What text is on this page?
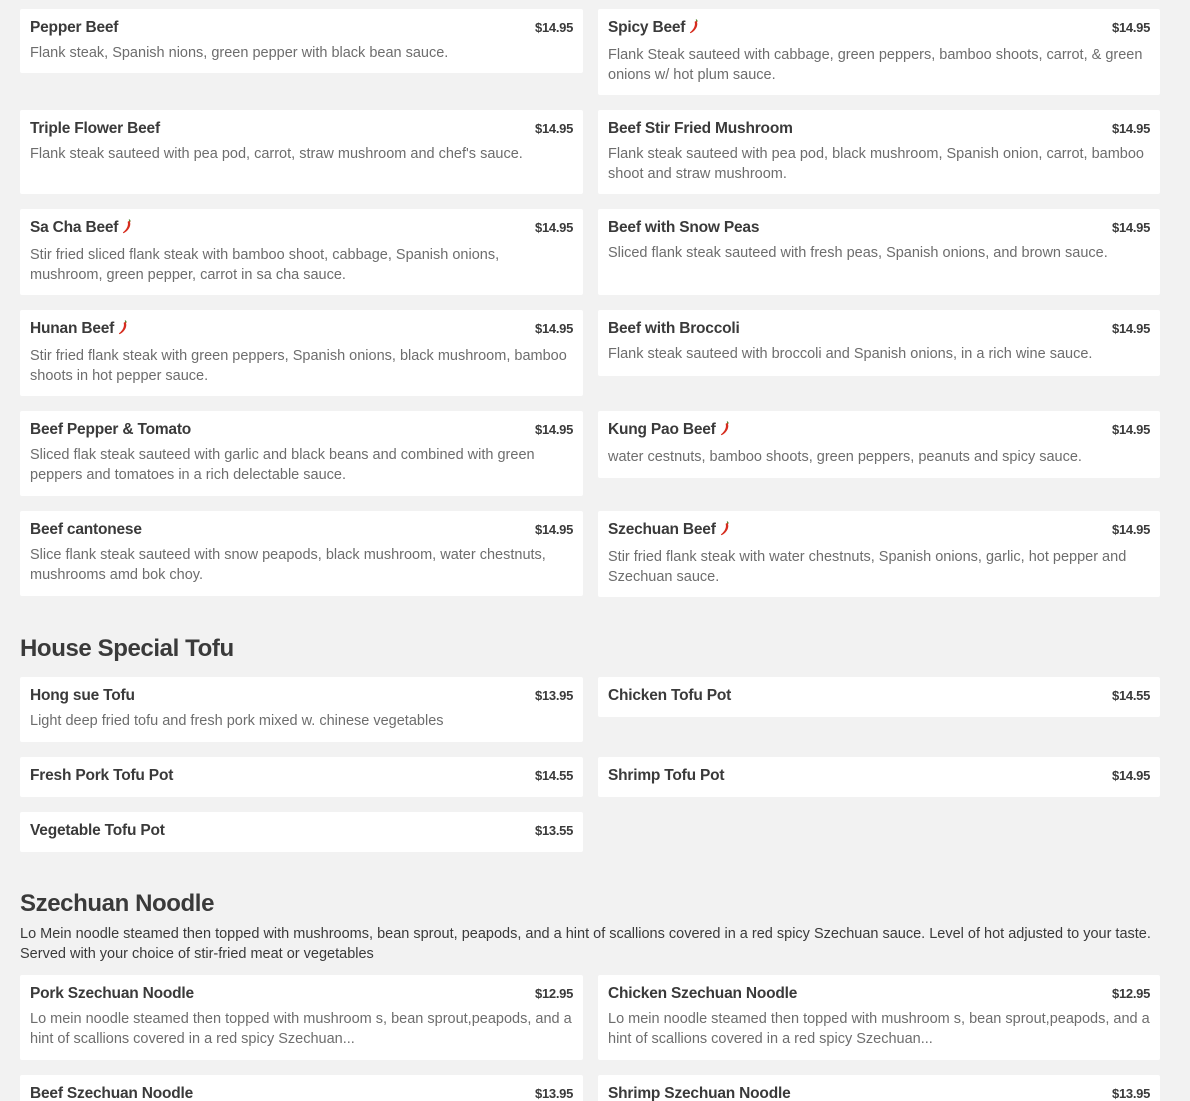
Pepper Beef	$14.95
Flank steak, Spanish nions, green pepper with black bean sauce.
Spicy Beef	$14.95
Flank Steak sauteed with cabbage, green peppers, bamboo shoots, carrot, & green onions w/ hot plum sauce.
Triple Flower Beef	$14.95
Flank steak sauteed with pea pod, carrot, straw mushroom and chef's sauce.
Beef Stir Fried Mushroom	$14.95
Flank steak sauteed with pea pod, black mushroom, Spanish onion, carrot, bamboo shoot and straw mushroom.
Sa Cha Beef	$14.95
Stir fried sliced flank steak with bamboo shoot, cabbage, Spanish onions, mushroom, green pepper, carrot in sa cha sauce.
Beef with Snow Peas	$14.95
Sliced flank steak sauteed with fresh peas, Spanish onions, and brown sauce.
Hunan Beef	$14.95
Stir fried flank steak with green peppers, Spanish onions, black mushroom, bamboo shoots in hot pepper sauce.
Beef with Broccoli	$14.95
Flank steak sauteed with broccoli and Spanish onions, in a rich wine sauce.
Beef Pepper & Tomato	$14.95
Sliced flak steak sauteed with garlic and black beans and combined with green peppers and tomatoes in a rich delectable sauce.
Kung Pao Beef	$14.95
water cestnuts, bamboo shoots, green peppers, peanuts and spicy sauce.
Beef cantonese	$14.95
Slice flank steak sauteed with snow peapods, black mushroom, water chestnuts, mushrooms amd bok choy.
Szechuan Beef	$14.95
Stir fried flank steak with water chestnuts, Spanish onions, garlic, hot pepper and Szechuan sauce.
House Special Tofu
Hong sue Tofu	$13.95
Light deep fried tofu and fresh pork mixed w. chinese vegetables
Chicken Tofu Pot	$14.55
Fresh Pork Tofu Pot	$14.55 Shrimp Tofu Pot	$14.95
Vegetable Tofu Pot	$13.55
Szechuan Noodle
Lo Mein noodle steamed then topped with mushrooms, bean sprout, peapods, and a hint of scallions covered in a red spicy Szechuan sauce. Level of hot adjusted to your taste. Served with your choice of stir-fried meat or vegetables
Pork Szechuan Noodle	$12.95
Lo mein noodle steamed then topped with mushroom s, bean sprout,peapods, and a hint of scallions covered in a red spicy Szechuan...
Chicken Szechuan Noodle	$12.95
Lo mein noodle steamed then topped with mushroom s, bean sprout,peapods, and a hint of scallions covered in a red spicy Szechuan...
Beef Szechuan Noodle	$13.95 Shrimp Szechuan Noodle	$13.95
